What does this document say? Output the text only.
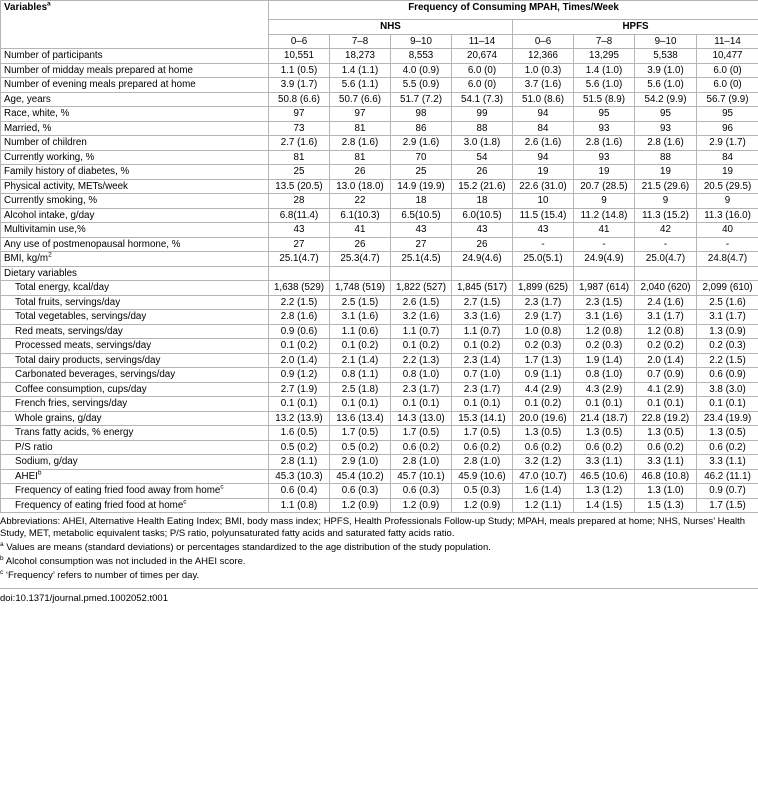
Variables$^a$	Frequency of Consuming MPAH, Times/Week							
	NHS				HPFS			
	0–6	7–8	9–10	11–14	0–6	7–8	9–10	11–14
Number of participants	10,551	18,273	8,553	20,674	12,366	13,295	5,538	10,477
Number of midday meals prepared at home	1.1 (0.5)	1.4 (1.1)	4.0 (0.9)	6.0 (0)	1.0 (0.3)	1.4 (1.0)	3.9 (1.0)	6.0 (0)
Number of evening meals prepared at home	3.9 (1.7)	5.6 (1.1)	5.5 (0.9)	6.0 (0)	3.7 (1.6)	5.6 (1.0)	5.6 (1.0)	6.0 (0)
Age, years	50.8 (6.6)	50.7 (6.6)	51.7 (7.2)	54.1 (7.3)	51.0 (8.6)	51.5 (8.9)	54.2 (9.9)	56.7 (9.9)
Race, white, %	97	97	98	99	94	95	95	95
Married, %	73	81	86	88	84	93	93	96
Number of children	2.7 (1.6)	2.8 (1.6)	2.9 (1.6)	3.0 (1.8)	2.6 (1.6)	2.8 (1.6)	2.8 (1.6)	2.9 (1.7)
Currently working, %	81	81	70	54	94	93	88	84
Family history of diabetes, %	25	26	25	26	19	19	19	19
Physical activity, METs/week	13.5 (20.5)	13.0 (18.0)	14.9 (19.9)	15.2 (21.6)	22.6 (31.0)	20.7 (28.5)	21.5 (29.6)	20.5 (29.5)
Currently smoking, %	28	22	18	18	10	9	9	9
Alcohol intake, g/day	6.8(11.4)	6.1(10.3)	6.5(10.5)	6.0(10.5)	11.5 (15.4)	11.2 (14.8)	11.3 (15.2)	11.3 (16.0)
Multivitamin use,%	43	41	43	43	43	41	42	40
Any use of postmenopausal hormone, %	27	26	27	26	-	-	-	-
BMI, $kg/m^2$	25.1(4.7)	25.3(4.7)	25.1(4.5)	24.9(4.6)	25.0(5.1)	24.9(4.9)	25.0(4.7)	24.8(4.7)
Dietary variables								
Total energy, kcal/day	1,638 (529)	1,748 (519)	1,822 (527)	1,845 (517)	1,899 (625)	1,987 (614)	2,040 (620)	2,099 (610)
Total fruits, servings/day	2.2 (1.5)	2.5 (1.5)	2.6 (1.5)	2.7 (1.5)	2.3 (1.7)	2.3 (1.5)	2.4 (1.6)	2.5 (1.6)
Total vegetables, servings/day	2.8 (1.6)	3.1 (1.6)	3.2 (1.6)	3.3 (1.6)	2.9 (1.7)	3.1 (1.6)	3.1 (1.7)	3.1 (1.7)
Red meats, servings/day	0.9 (0.6)	1.1 (0.6)	1.1 (0.7)	1.1 (0.7)	1.0 (0.8)	1.2 (0.8)	1.2 (0.8)	1.3 (0.9)
Processed meats, servings/day	0.1 (0.2)	0.1 (0.2)	0.1 (0.2)	0.1 (0.2)	0.2 (0.3)	0.2 (0.3)	0.2 (0.2)	0.2 (0.3)
Total dairy products, servings/day	2.0 (1.4)	2.1 (1.4)	2.2 (1.3)	2.3 (1.4)	1.7 (1.3)	1.9 (1.4)	2.0 (1.4)	2.2 (1.5)
Carbonated beverages, servings/day	0.9 (1.2)	0.8 (1.1)	0.8 (1.0)	0.7 (1.0)	0.9 (1.1)	0.8 (1.0)	0.7 (0.9)	0.6 (0.9)
Coffee consumption, cups/day	2.7 (1.9)	2.5 (1.8)	2.3 (1.7)	2.3 (1.7)	4.4 (2.9)	4.3 (2.9)	4.1 (2.9)	3.8 (3.0)
French fries, servings/day	0.1 (0.1)	0.1 (0.1)	0.1 (0.1)	0.1 (0.1)	0.1 (0.2)	0.1 (0.1)	0.1 (0.1)	0.1 (0.1)
Whole grains, g/day	13.2 (13.9)	13.6 (13.4)	14.3 (13.0)	15.3 (14.1)	20.0 (19.6)	21.4 (18.7)	22.8 (19.2)	23.4 (19.9)
Trans fatty acids, % energy	1.6 (0.5)	1.7 (0.5)	1.7 (0.5)	1.7 (0.5)	1.3 (0.5)	1.3 (0.5)	1.3 (0.5)	1.3 (0.5)
P/S ratio	0.5 (0.2)	0.5 (0.2)	0.6 (0.2)	0.6 (0.2)	0.6 (0.2)	0.6 (0.2)	0.6 (0.2)	0.6 (0.2)
Sodium, g/day	2.8 (1.1)	2.9 (1.0)	2.8 (1.0)	2.8 (1.0)	3.2 (1.2)	3.3 (1.1)	3.3 (1.1)	3.3 (1.1)
AHEI$^b$	45.3 (10.3)	45.4 (10.2)	45.7 (10.1)	45.9 (10.6)	47.0 (10.7)	46.5 (10.6)	46.8 (10.8)	46.2 (11.1)
Frequency of eating fried food away from home$^c$	0.6 (0.4)	0.6 (0.3)	0.6 (0.3)	0.5 (0.3)	1.6 (1.4)	1.3 (1.2)	1.3 (1.0)	0.9 (0.7)
Frequency of eating fried food at home$^c$	1.1 (0.8)	1.2 (0.9)	1.2 (0.9)	1.2 (0.9)	1.2 (1.1)	1.4 (1.5)	1.5 (1.3)	1.7 (1.5)

Abbreviations: AHEI, Alternative Health Eating Index; BMI, body mass index; HPFS, Health Professionals Follow-up Study; MPAH, meals prepared at home; NHS, Nurses’ Health Study, MET, metabolic equivalent tasks; P/S ratio, polyunsaturated fatty acids and saturated fatty acids ratio.

$^a$ Values are means (standard deviations) or percentages standardized to the age distribution of the study population.

$^b$ Alcohol consumption was not included in the AHEI score.

$^c$ ‘Frequency’ refers to number of times per day.

doi:10.1371/journal.pmed.1002052.t001
